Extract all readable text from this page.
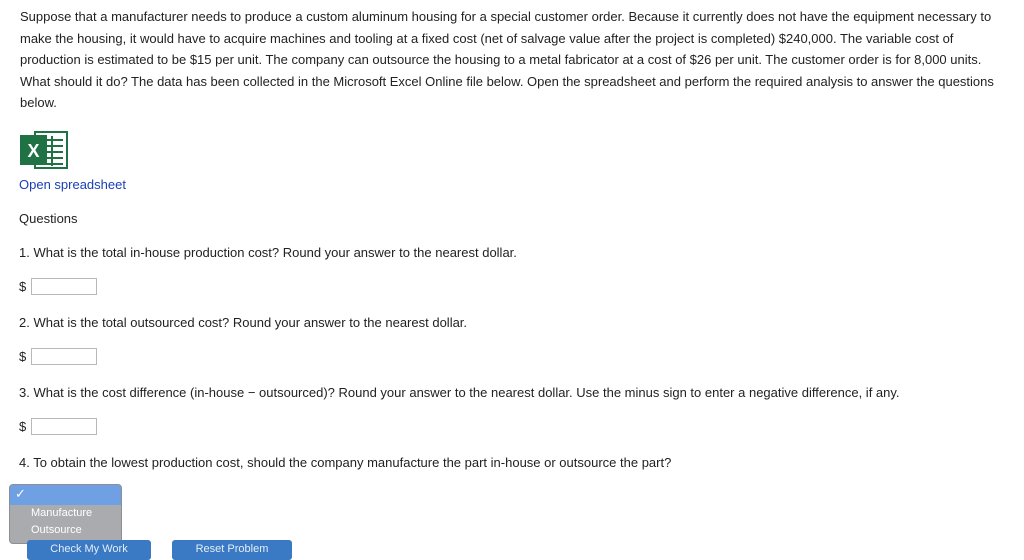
Suppose that a manufacturer needs to produce a custom aluminum housing for a special customer order. Because it currently does not have the equipment necessary to make the housing, it would have to acquire machines and tooling at a fixed cost (net of salvage value after the project is completed) $240,000. The variable cost of production is estimated to be $15 per unit. The company can outsource the housing to a metal fabricator at a cost of $26 per unit. The customer order is for 8,000 units. What should it do? The data has been collected in the Microsoft Excel Online file below. Open the spreadsheet and perform the required analysis to answer the questions below.

X
Open spreadsheet
Questions
1. What is the total in-house production cost? Round your answer to the nearest dollar.
$
2. What is the total outsourced cost? Round your answer to the nearest dollar.
$
3. What is the cost difference (in-house − outsourced)? Round your answer to the nearest dollar. Use the minus sign to enter a negative difference, if any.
$
4. To obtain the lowest production cost, should the company manufacture the part in-house or outsource the part?
✓
Manufacture
Outsource
Check My Work	Reset Problem
